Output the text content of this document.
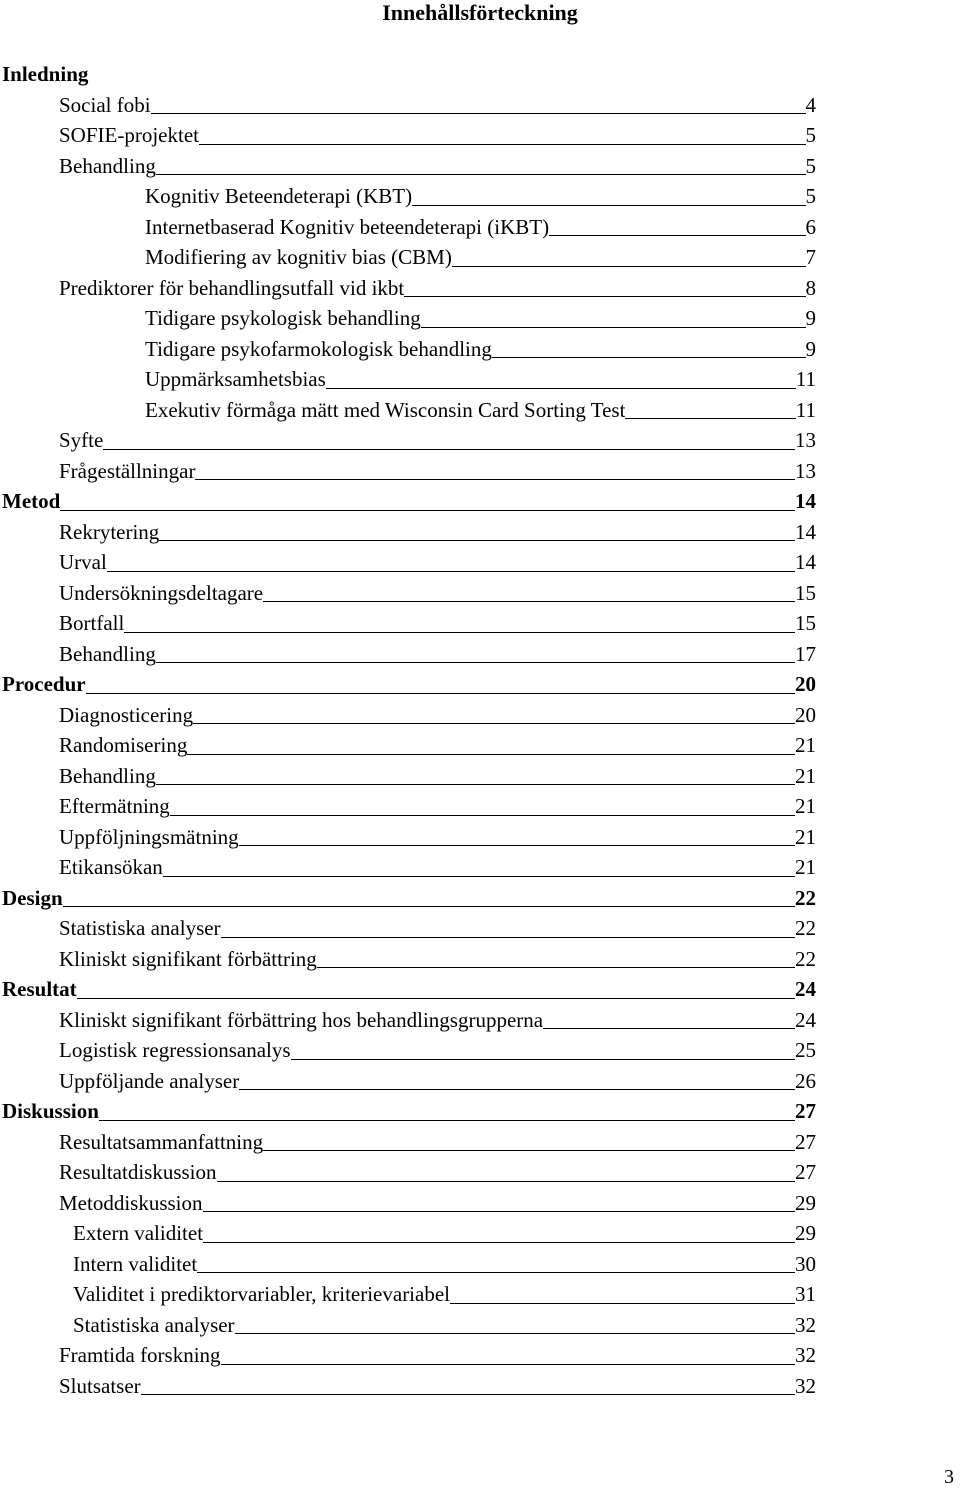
Innehållsförteckning
Inledning
Social fobi	4
SOFIE-projektet	5
Behandling	5
Kognitiv Beteendeterapi (KBT)	5
Internetbaserad Kognitiv beteendeterapi (iKBT)	6
Modifiering av kognitiv bias (CBM)	7
Prediktorer för behandlingsutfall vid ikbt	8
Tidigare psykologisk behandling	9
Tidigare psykofarmokologisk behandling	9
Uppmärksamhetsbias	11
Exekutiv förmåga mätt med Wisconsin Card Sorting Test	11
Syfte	13
Frågeställningar	13
Metod	14
Rekrytering	14
Urval	14
Undersökningsdeltagare	15
Bortfall	15
Behandling	17
Procedur	20
Diagnosticering	20
Randomisering	21
Behandling	21
Eftermätning	21
Uppföljningsmätning	21
Etikansökan	21
Design	22
Statistiska analyser	22
Kliniskt signifikant förbättring	22
Resultat	24
Kliniskt signifikant förbättring hos behandlingsgrupperna	24
Logistisk regressionsanalys	25
Uppföljande analyser	26
Diskussion	27
Resultatsammanfattning	27
Resultatdiskussion	27
Metoddiskussion	29
Extern validitet	29
Intern validitet	30
Validitet i prediktorvariabler, kriterievariabel	31
Statistiska analyser	32
Framtida forskning	32
Slutsatser	32
3
